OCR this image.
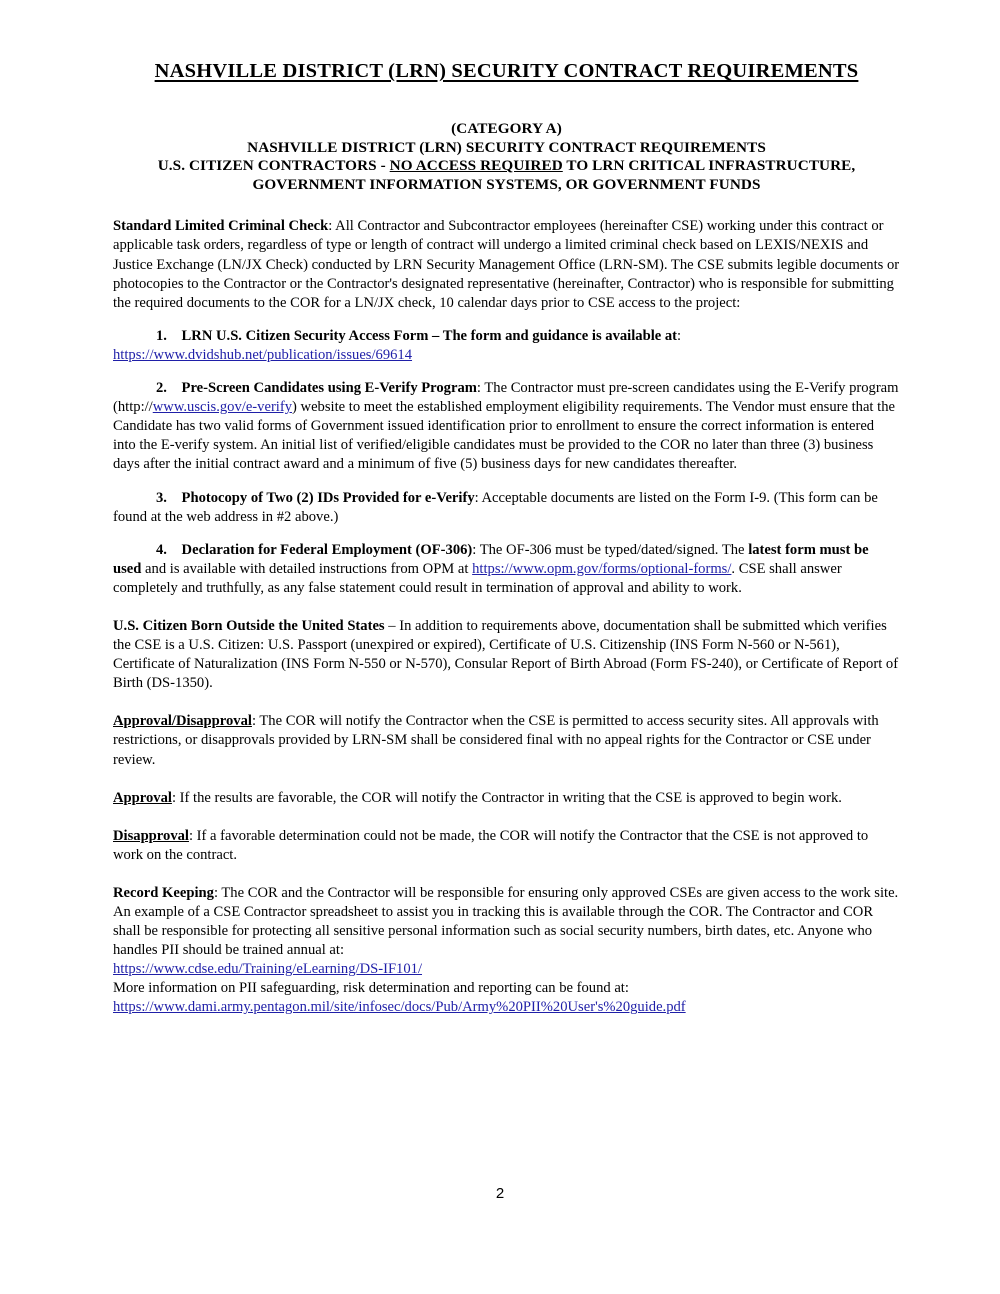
NASHVILLE DISTRICT (LRN) SECURITY CONTRACT REQUIREMENTS
(CATEGORY A)
NASHVILLE DISTRICT (LRN) SECURITY CONTRACT REQUIREMENTS
U.S. CITIZEN CONTRACTORS - NO ACCESS REQUIRED TO LRN CRITICAL INFRASTRUCTURE,
GOVERNMENT INFORMATION SYSTEMS, OR GOVERNMENT FUNDS

Standard Limited Criminal Check: All Contractor and Subcontractor employees (hereinafter CSE) working under this contract or applicable task orders, regardless of type or length of contract will undergo a limited criminal check based on LEXIS/NEXIS and Justice Exchange (LN/JX Check) conducted by LRN Security Management Office (LRN-SM). The CSE submits legible documents or photocopies to the Contractor or the Contractor's designated representative (hereinafter, Contractor) who is responsible for submitting the required documents to the COR for a LN/JX check, 10 calendar days prior to CSE access to the project:

1. LRN U.S. Citizen Security Access Form – The form and guidance is available at:

https://www.dvidshub.net/publication/issues/69614

2. Pre-Screen Candidates using E-Verify Program: The Contractor must pre-screen candidates using the E-Verify program (http://www.uscis.gov/e-verify) website to meet the established employment eligibility requirements. The Vendor must ensure that the Candidate has two valid forms of Government issued identification prior to enrollment to ensure the correct information is entered into the E-verify system. An initial list of verified/eligible candidates must be provided to the COR no later than three (3) business days after the initial contract award and a minimum of five (5) business days for new candidates thereafter.

3. Photocopy of Two (2) IDs Provided for e-Verify: Acceptable documents are listed on the Form I-9. (This form can be found at the web address in #2 above.)

4. Declaration for Federal Employment (OF-306): The OF-306 must be typed/dated/signed. The latest form must be used and is available with detailed instructions from OPM at https://www.opm.gov/forms/optional-forms/. CSE shall answer completely and truthfully, as any false statement could result in termination of approval and ability to work.

U.S. Citizen Born Outside the United States – In addition to requirements above, documentation shall be submitted which verifies the CSE is a U.S. Citizen: U.S. Passport (unexpired or expired), Certificate of U.S. Citizenship (INS Form N-560 or N-561), Certificate of Naturalization (INS Form N-550 or N-570), Consular Report of Birth Abroad (Form FS-240), or Certificate of Report of Birth (DS-1350).

Approval/Disapproval: The COR will notify the Contractor when the CSE is permitted to access security sites. All approvals with restrictions, or disapprovals provided by LRN-SM shall be considered final with no appeal rights for the Contractor or CSE under review.

Approval: If the results are favorable, the COR will notify the Contractor in writing that the CSE is approved to begin work.

Disapproval: If a favorable determination could not be made, the COR will notify the Contractor that the CSE is not approved to work on the contract.

Record Keeping: The COR and the Contractor will be responsible for ensuring only approved CSEs are given access to the work site. An example of a CSE Contractor spreadsheet to assist you in tracking this is available through the COR. The Contractor and COR shall be responsible for protecting all sensitive personal information such as social security numbers, birth dates, etc. Anyone who handles PII should be trained annual at:

https://www.cdse.edu/Training/eLearning/DS-IF101/

More information on PII safeguarding, risk determination and reporting can be found at:

https://www.dami.army.pentagon.mil/site/infosec/docs/Pub/Army%20PII%20User's%20guide.pdf

2
